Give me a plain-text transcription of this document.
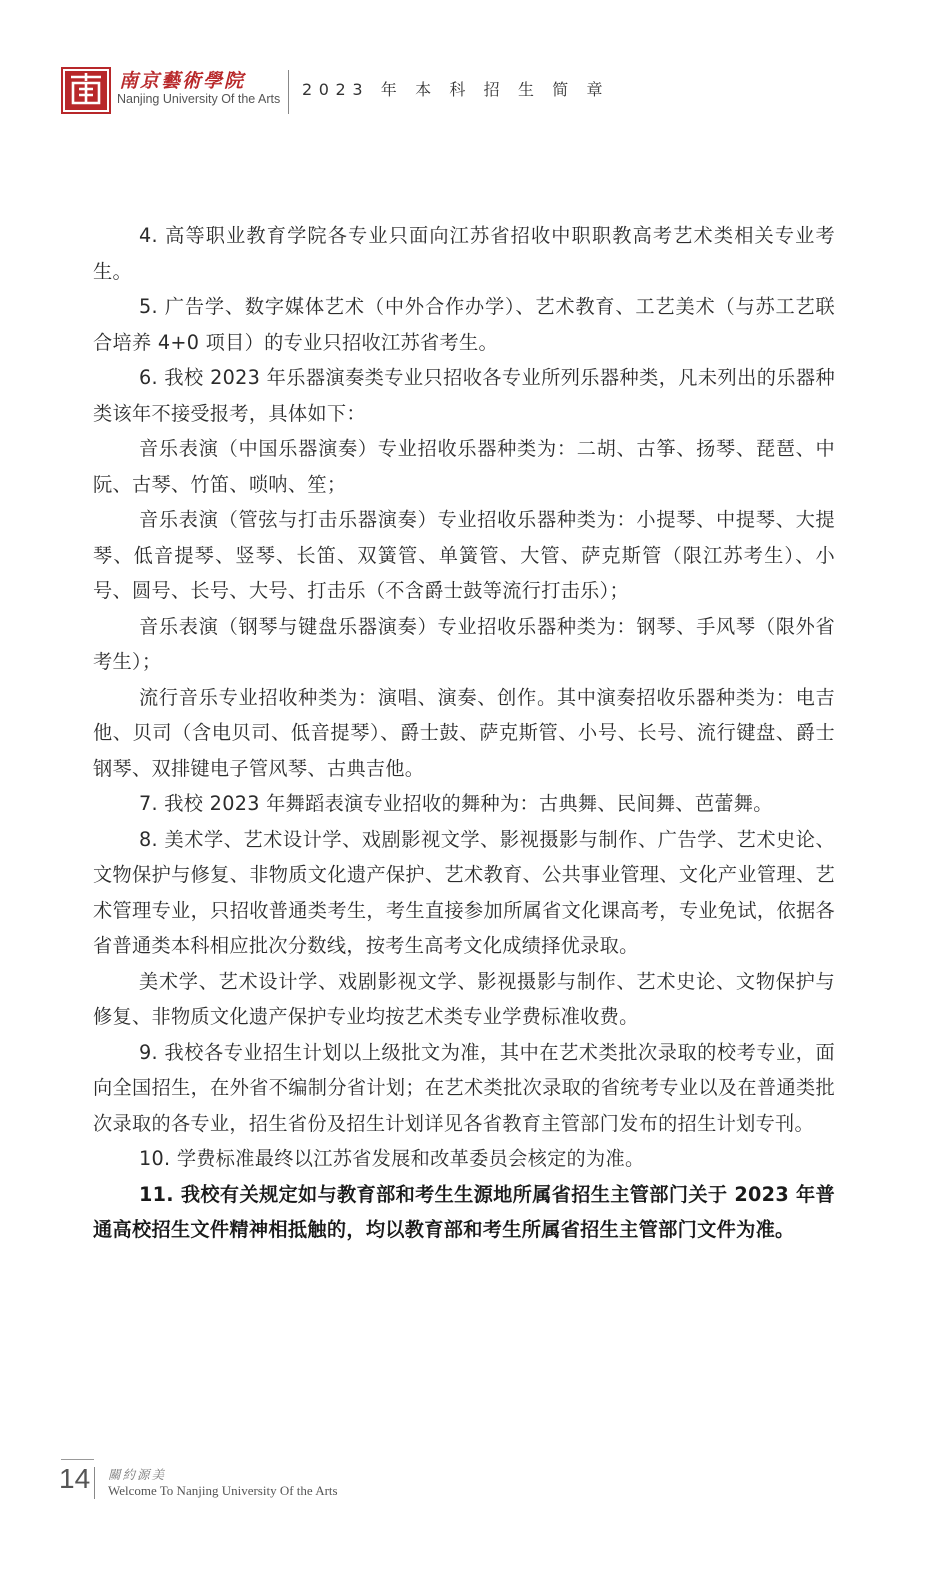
南京藝術學院
Nanjing University Of the Arts 2023 年 本 科 招 生 简 章

4. 高等职业教育学院各专业只面向江苏省招收中职职教高考艺术类相关专业考生。

5. 广告学、数字媒体艺术（中外合作办学）、艺术教育、工艺美术（与苏工艺联合培养 4+0 项目）的专业只招收江苏省考生。

6. 我校 2023 年乐器演奏类专业只招收各专业所列乐器种类，凡未列出的乐器种类该年不接受报考，具体如下：

音乐表演（中国乐器演奏）专业招收乐器种类为：二胡、古筝、扬琴、琵琶、中阮、古琴、竹笛、唢呐、笙；

音乐表演（管弦与打击乐器演奏）专业招收乐器种类为：小提琴、中提琴、大提琴、低音提琴、竖琴、长笛、双簧管、单簧管、大管、萨克斯管（限江苏考生）、小号、圆号、长号、大号、打击乐（不含爵士鼓等流行打击乐）；

音乐表演（钢琴与键盘乐器演奏）专业招收乐器种类为：钢琴、手风琴（限外省考生）；

流行音乐专业招收种类为：演唱、演奏、创作。其中演奏招收乐器种类为：电吉他、贝司（含电贝司、低音提琴）、爵士鼓、萨克斯管、小号、长号、流行键盘、爵士钢琴、双排键电子管风琴、古典吉他。

7. 我校 2023 年舞蹈表演专业招收的舞种为：古典舞、民间舞、芭蕾舞。

8. 美术学、艺术设计学、戏剧影视文学、影视摄影与制作、广告学、艺术史论、文物保护与修复、非物质文化遗产保护、艺术教育、公共事业管理、文化产业管理、艺术管理专业，只招收普通类考生，考生直接参加所属省文化课高考，专业免试，依据各省普通类本科相应批次分数线，按考生高考文化成绩择优录取。

美术学、艺术设计学、戏剧影视文学、影视摄影与制作、艺术史论、文物保护与修复、非物质文化遗产保护专业均按艺术类专业学费标准收费。

9. 我校各专业招生计划以上级批文为准，其中在艺术类批次录取的校考专业，面向全国招生，在外省不编制分省计划；在艺术类批次录取的省统考专业以及在普通类批次录取的各专业，招生省份及招生计划详见各省教育主管部门发布的招生计划专刊。

10. 学费标准最终以江苏省发展和改革委员会核定的为准。

11. 我校有关规定如与教育部和考生生源地所属省招生主管部门关于 2023 年普通高校招生文件精神相抵触的，均以教育部和考生所属省招生主管部门文件为准。

14 關約源美
Welcome To Nanjing University Of the Arts
